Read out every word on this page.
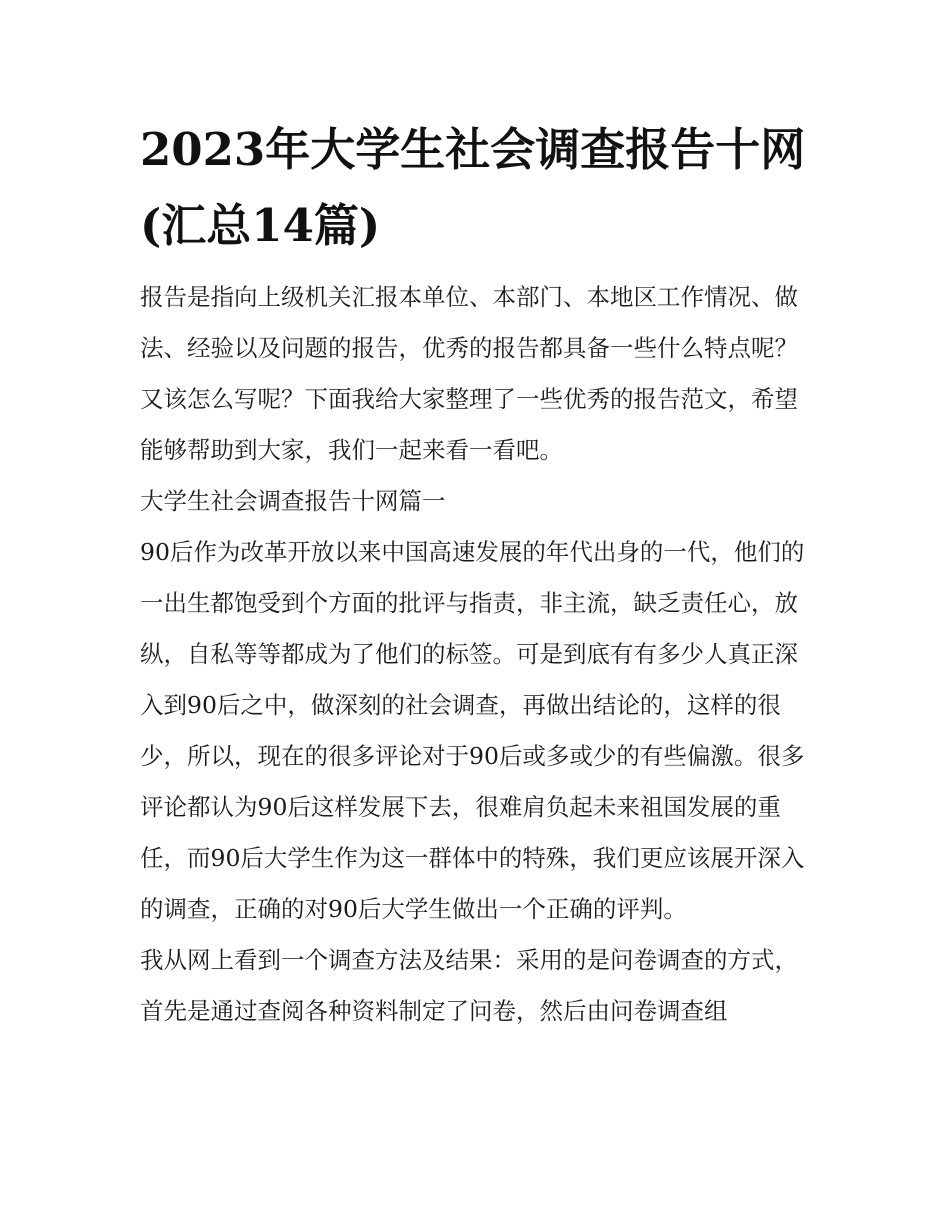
2023年大学生社会调查报告十网(汇总14篇)

报告是指向上级机关汇报本单位、本部门、本地区工作情况、做法、经验以及问题的报告，优秀的报告都具备一些什么特点呢？又该怎么写呢？下面我给大家整理了一些优秀的报告范文，希望能够帮助到大家，我们一起来看一看吧。

大学生社会调查报告十网篇一

90后作为改革开放以来中国高速发展的年代出身的一代，他们的一出生都饱受到个方面的批评与指责，非主流，缺乏责任心，放纵，自私等等都成为了他们的标签。可是到底有有多少人真正深入到90后之中，做深刻的社会调查，再做出结论的，这样的很少，所以，现在的很多评论对于90后或多或少的有些偏激。很多评论都认为90后这样发展下去，很难肩负起未来祖国发展的重任，而90后大学生作为这一群体中的特殊，我们更应该展开深入的调查，正确的对90后大学生做出一个正确的评判。

我从网上看到一个调查方法及结果：采用的是问卷调查的方式，首先是通过查阅各种资料制定了问卷，然后由问卷调查组
